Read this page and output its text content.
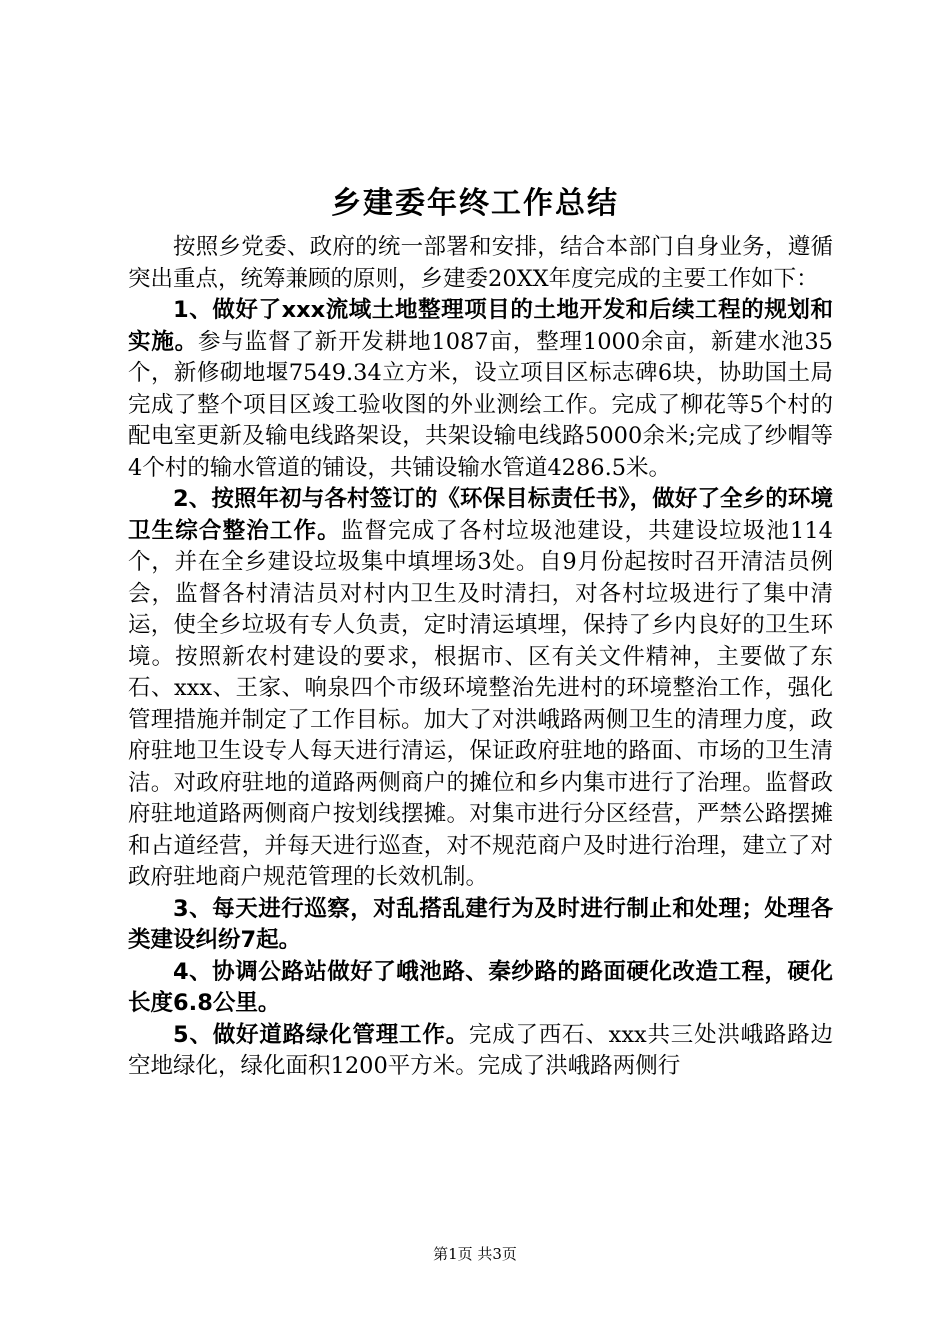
乡建委年终工作总结

按照乡党委、政府的统一部署和安排，结合本部门自身业务，遵循突出重点，统筹兼顾的原则，乡建委20XX年度完成的主要工作如下：

1、做好了xxx流域土地整理项目的土地开发和后续工程的规划和实施。参与监督了新开发耕地1087亩，整理1000余亩，新建水池35个，新修砌地堰7549.34立方米，设立项目区标志碑6块，协助国土局完成了整个项目区竣工验收图的外业测绘工作。完成了柳花等5个村的配电室更新及输电线路架设，共架设输电线路5000余米;完成了纱帽等4个村的输水管道的铺设，共铺设输水管道4286.5米。

2、按照年初与各村签订的《环保目标责任书》，做好了全乡的环境卫生综合整治工作。监督完成了各村垃圾池建设，共建设垃圾池114个，并在全乡建设垃圾集中填埋场3处。自9月份起按时召开清洁员例会，监督各村清洁员对村内卫生及时清扫，对各村垃圾进行了集中清运，使全乡垃圾有专人负责，定时清运填埋，保持了乡内良好的卫生环境。按照新农村建设的要求，根据市、区有关文件精神，主要做了东石、xxx、王家、响泉四个市级环境整治先进村的环境整治工作，强化管理措施并制定了工作目标。加大了对洪峨路两侧卫生的清理力度，政府驻地卫生设专人每天进行清运，保证政府驻地的路面、市场的卫生清洁。对政府驻地的道路两侧商户的摊位和乡内集市进行了治理。监督政府驻地道路两侧商户按划线摆摊。对集市进行分区经营，严禁公路摆摊和占道经营，并每天进行巡查，对不规范商户及时进行治理，建立了对政府驻地商户规范管理的长效机制。

3、每天进行巡察，对乱搭乱建行为及时进行制止和处理；处理各类建设纠纷7起。

4、协调公路站做好了峨池路、秦纱路的路面硬化改造工程，硬化长度6.8公里。

5、做好道路绿化管理工作。完成了西石、xxx共三处洪峨路路边空地绿化，绿化面积1200平方米。完成了洪峨路两侧行

第1页 共3页
